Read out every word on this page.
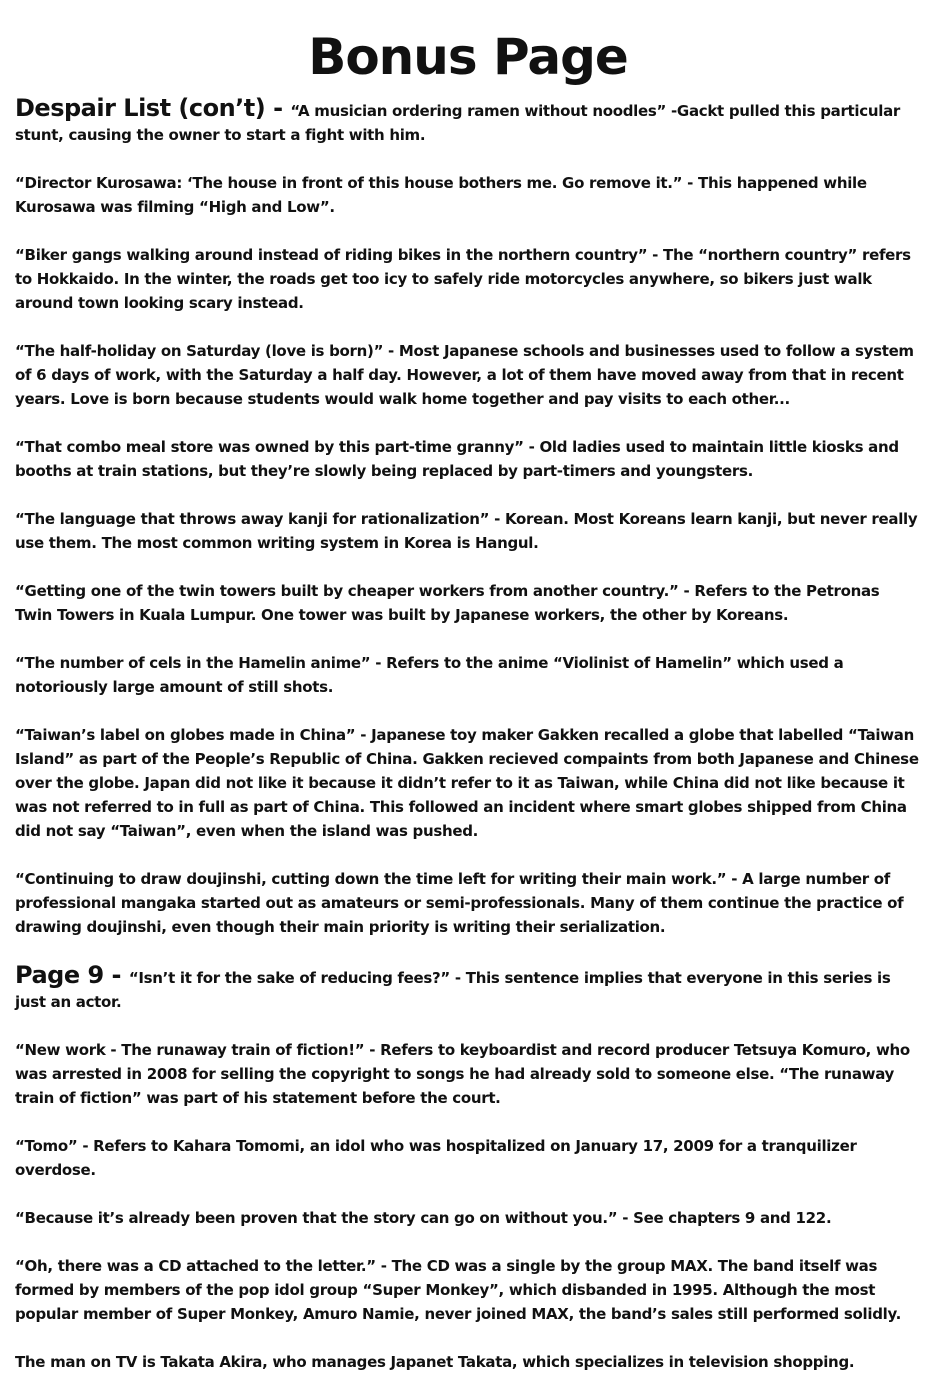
Bonus Page

Despair List (con’t) - “A musician ordering ramen without noodles” -Gackt pulled this particular stunt, causing the owner to start a fight with him.

“Director Kurosawa: ‘The house in front of this house bothers me. Go remove it.” - This happened while Kurosawa was filming “High and Low”.

“Biker gangs walking around instead of riding bikes in the northern country” - The “northern country” refers to Hokkaido. In the winter, the roads get too icy to safely ride motorcycles anywhere, so bikers just walk around town looking scary instead.

“The half-holiday on Saturday (love is born)” - Most Japanese schools and businesses used to follow a system of 6 days of work, with the Saturday a half day. However, a lot of them have moved away from that in recent years. Love is born because students would walk home together and pay visits to each other...

“That combo meal store was owned by this part-time granny” - Old ladies used to maintain little kiosks and booths at train stations, but they’re slowly being replaced by part-timers and youngsters.

“The language that throws away kanji for rationalization” - Korean. Most Koreans learn kanji, but never really use them. The most common writing system in Korea is Hangul.

“Getting one of the twin towers built by cheaper workers from another country.” - Refers to the Petronas Twin Towers in Kuala Lumpur. One tower was built by Japanese workers, the other by Koreans.

“The number of cels in the Hamelin anime” - Refers to the anime “Violinist of Hamelin” which used a notoriously large amount of still shots.

“Taiwan’s label on globes made in China” - Japanese toy maker Gakken recalled a globe that labelled “Taiwan Island” as part of the People’s Republic of China. Gakken recieved compaints from both Japanese and Chinese over the globe. Japan did not like it because it didn’t refer to it as Taiwan, while China did not like because it was not referred to in full as part of China. This followed an incident where smart globes shipped from China did not say “Taiwan”, even when the island was pushed.

“Continuing to draw doujinshi, cutting down the time left for writing their main work.” - A large number of professional mangaka started out as amateurs or semi-professionals. Many of them continue the practice of drawing doujinshi, even though their main priority is writing their serialization.

Page 9 - “Isn’t it for the sake of reducing fees?” - This sentence implies that everyone in this series is just an actor.

“New work - The runaway train of fiction!” - Refers to keyboardist and record producer Tetsuya Komuro, who was arrested in 2008 for selling the copyright to songs he had already sold to someone else. “The runaway train of fiction” was part of his statement before the court.

“Tomo” - Refers to Kahara Tomomi, an idol who was hospitalized on January 17, 2009 for a tranquilizer overdose.

“Because it’s already been proven that the story can go on without you.” - See chapters 9 and 122.

“Oh, there was a CD attached to the letter.” - The CD was a single by the group MAX. The band itself was formed by members of the pop idol group “Super Monkey”, which disbanded in 1995. Although the most popular member of Super Monkey, Amuro Namie, never joined MAX, the band’s sales still performed solidly.

The man on TV is Takata Akira, who manages Japanet Takata, which specializes in television shopping.
